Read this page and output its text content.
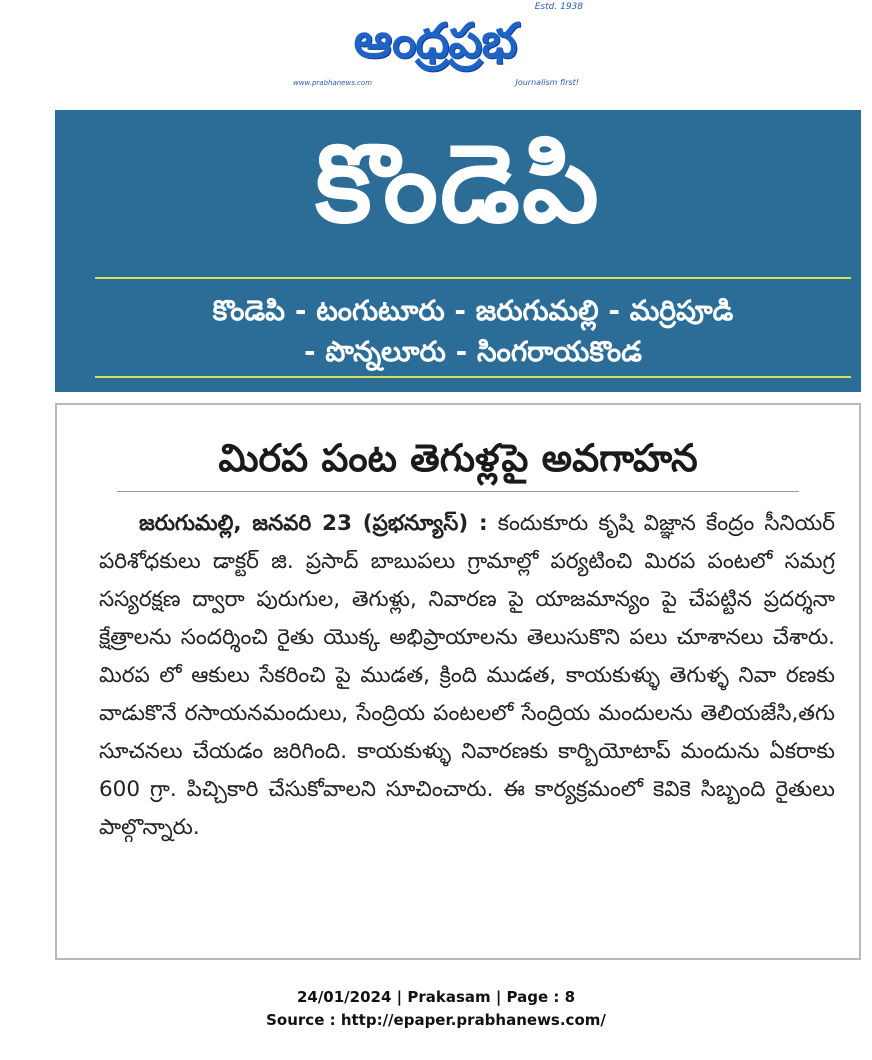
Estd. 1938
ఆంధ్రప్రభ
www.prabhanews.com	Journalism first!
కొండెపి
కొండెపి - టంగుటూరు - జరుగుమల్లి - మర్రిపూడి
- పొన్నలూరు - సింగరాయకొండ
మిరప పంట తెగుళ్లపై అవగాహన
జరుగుమల్లి, జనవరి 23 (ప్రభన్యూస్) : కందుకూరు కృషి విజ్ఞాన కేంద్రం సీనియర్ పరిశోధకులు డాక్టర్ జి. ప్రసాద్ బాబుపలు గ్రామాల్లో పర్యటించి మిరప పంటలో సమగ్ర సస్యరక్షణ ద్వారా పురుగుల, తెగుళ్లు, నివారణ పై యాజమాన్యం పై చేపట్టిన ప్రదర్శనా క్షేత్రాలను సందర్శించి రైతు యొక్క అభిప్రాయాలను తెలుసుకొని పలు చూశానలు చేశారు. మిరప లో ఆకులు సేకరించి పై ముడత, క్రింది ముడత, కాయకుళ్ళు తెగుళ్ళ నివా రణకు వాడుకొనే రసాయనమందులు, సేంద్రియ పంటలలో సేంద్రియ మందులను తెలియజేసి,తగు సూచనలు చేయడం జరిగింది. కాయకుళ్ళు నివారణకు కార్బియోటాప్ మందును ఏకరాకు 600 గ్రా. పిచ్చికారి చేసుకోవాలని సూచించారు. ఈ కార్యక్రమంలో కెవికె సిబ్బంది రైతులు పాల్గొన్నారు.
24/01/2024 | Prakasam | Page : 8
Source : http://epaper.prabhanews.com/
